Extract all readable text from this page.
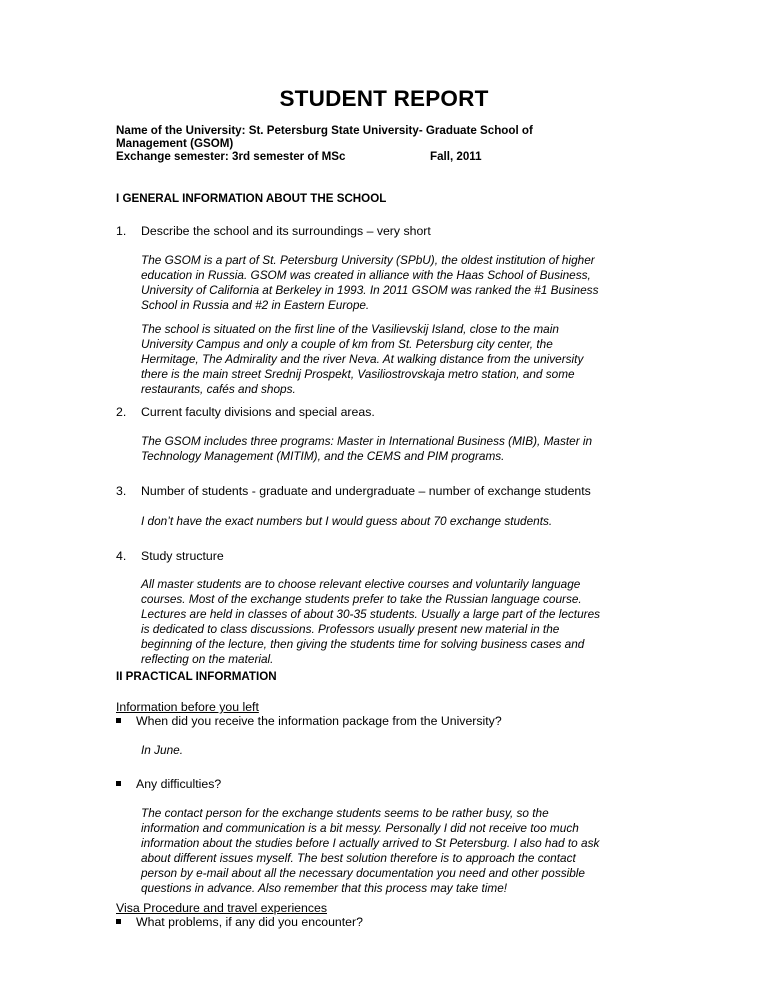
STUDENT REPORT
Name of the University: St. Petersburg State University- Graduate School of
Management (GSOM)
Exchange semester: 3rd semester of MSc	Fall, 2011
I GENERAL INFORMATION ABOUT THE SCHOOL
1. Describe the school and its surroundings – very short

The GSOM is a part of St. Petersburg University (SPbU), the oldest institution of higher

education in Russia. GSOM was created in alliance with the Haas School of Business,

University of California at Berkeley in 1993. In 2011 GSOM was ranked the #1 Business

School in Russia and #2 in Eastern Europe.

The school is situated on the first line of the Vasilievskij Island, close to the main

University Campus and only a couple of km from St. Petersburg city center, the

Hermitage, The Admirality and the river Neva. At walking distance from the university

there is the main street Srednij Prospekt, Vasiliostrovskaja metro station, and some

restaurants, cafés and shops.

2. Current faculty divisions and special areas.

The GSOM includes three programs: Master in International Business (MIB), Master in

Technology Management (MITIM), and the CEMS and PIM programs.

3. Number of students - graduate and undergraduate – number of exchange students

I don’t have the exact numbers but I would guess about 70 exchange students.

4. Study structure

All master students are to choose relevant elective courses and voluntarily language

courses. Most of the exchange students prefer to take the Russian language course.

Lectures are held in classes of about 30-35 students. Usually a large part of the lectures

is dedicated to class discussions. Professors usually present new material in the

beginning of the lecture, then giving the students time for solving business cases and

reflecting on the material.

II PRACTICAL INFORMATION
Information before you left
When did you receive the information package from the University?

In June.

Any difficulties?

The contact person for the exchange students seems to be rather busy, so the

information and communication is a bit messy. Personally I did not receive too much

information about the studies before I actually arrived to St Petersburg. I also had to ask

about different issues myself. The best solution therefore is to approach the contact

person by e-mail about all the necessary documentation you need and other possible

questions in advance. Also remember that this process may take time!

Visa Procedure and travel experiences
What problems, if any did you encounter?
